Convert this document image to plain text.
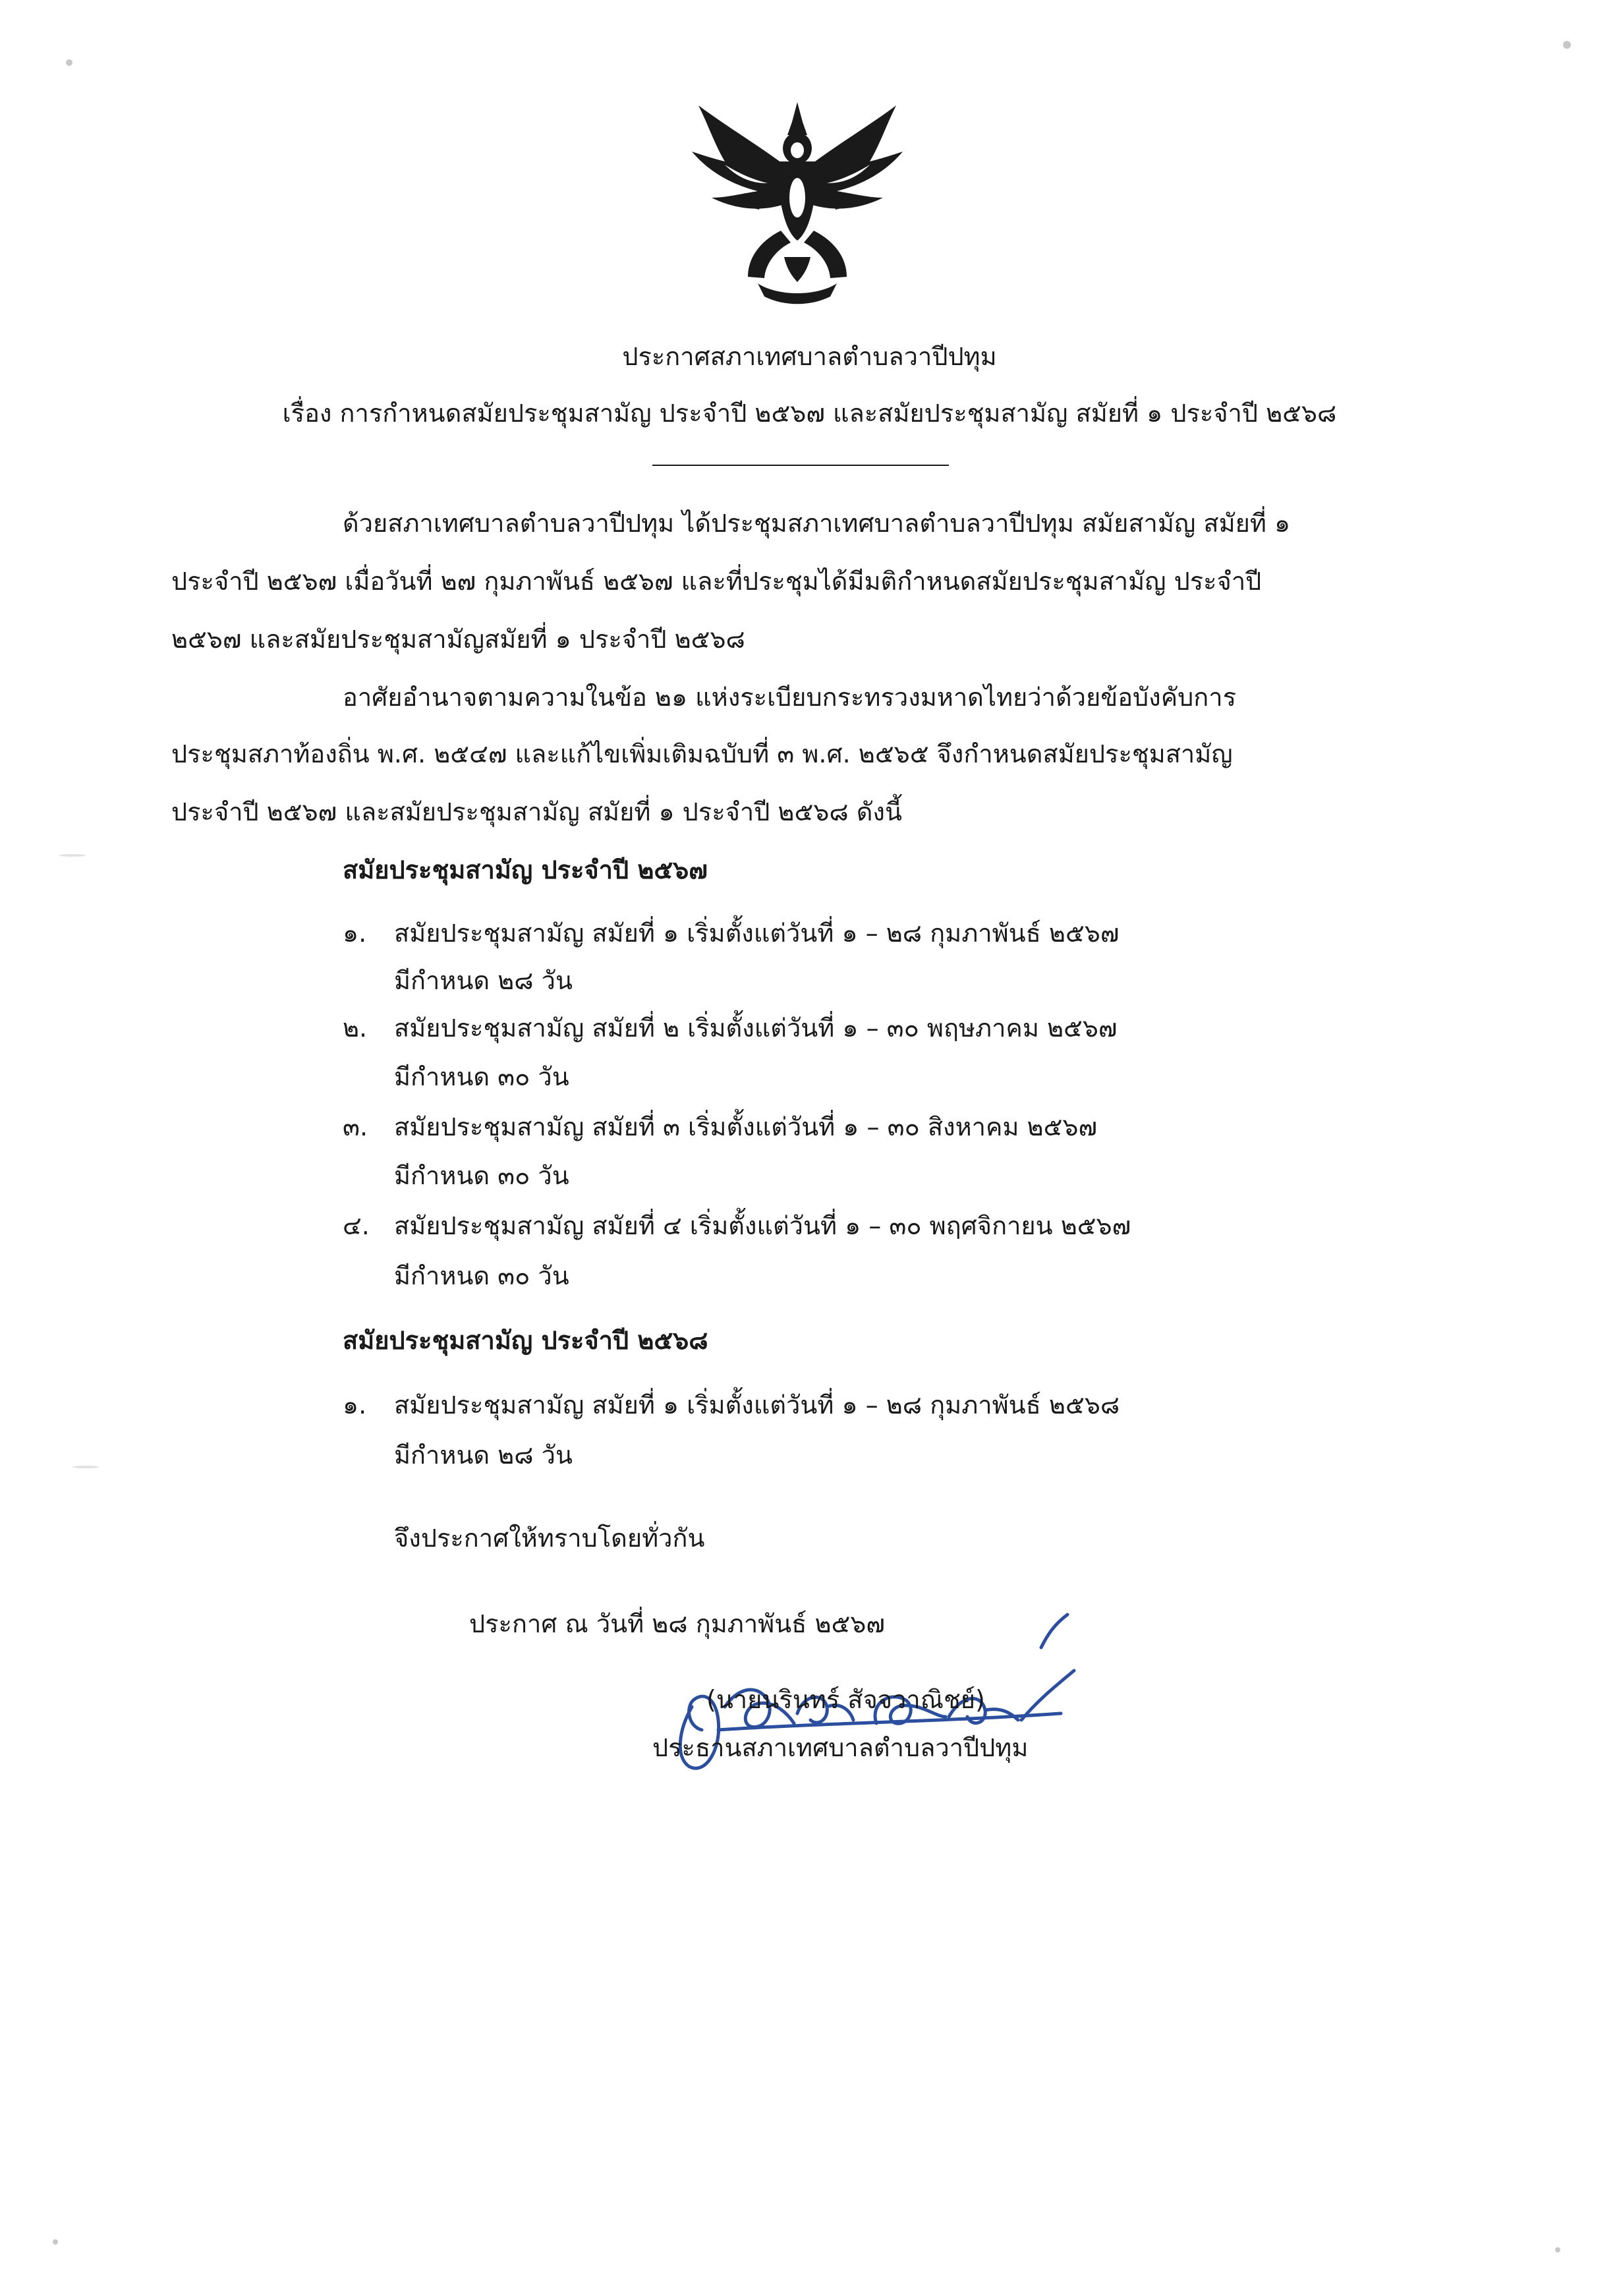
ประกาศสภาเทศบาลตำบลวาปีปทุม
เรื่อง การกำหนดสมัยประชุมสามัญ ประจำปี ๒๕๖๗ และสมัยประชุมสามัญ สมัยที่ ๑ ประจำปี ๒๕๖๘
ด้วยสภาเทศบาลตำบลวาปีปทุม ได้ประชุมสภาเทศบาลตำบลวาปีปทุม สมัยสามัญ สมัยที่ ๑
ประจำปี ๒๕๖๗ เมื่อวันที่ ๒๗ กุมภาพันธ์ ๒๕๖๗ และที่ประชุมได้มีมติกำหนดสมัยประชุมสามัญ ประจำปี
๒๕๖๗ และสมัยประชุมสามัญสมัยที่ ๑ ประจำปี ๒๕๖๘
อาศัยอำนาจตามความในข้อ ๒๑ แห่งระเบียบกระทรวงมหาดไทยว่าด้วยข้อบังคับการ
ประชุมสภาท้องถิ่น พ.ศ. ๒๕๔๗ และแก้ไขเพิ่มเติมฉบับที่ ๓ พ.ศ. ๒๕๖๕ จึงกำหนดสมัยประชุมสามัญ
ประจำปี ๒๕๖๗ และสมัยประชุมสามัญ สมัยที่ ๑ ประจำปี ๒๕๖๘ ดังนี้
สมัยประชุมสามัญ ประจำปี ๒๕๖๗
๑. สมัยประชุมสามัญ สมัยที่ ๑ เริ่มตั้งแต่วันที่ ๑ – ๒๘ กุมภาพันธ์ ๒๕๖๗
มีกำหนด ๒๘ วัน
๒. สมัยประชุมสามัญ สมัยที่ ๒ เริ่มตั้งแต่วันที่ ๑ – ๓๐ พฤษภาคม ๒๕๖๗
มีกำหนด ๓๐ วัน
๓. สมัยประชุมสามัญ สมัยที่ ๓ เริ่มตั้งแต่วันที่ ๑ – ๓๐ สิงหาคม ๒๕๖๗
มีกำหนด ๓๐ วัน
๔. สมัยประชุมสามัญ สมัยที่ ๔ เริ่มตั้งแต่วันที่ ๑ – ๓๐ พฤศจิกายน ๒๕๖๗
มีกำหนด ๓๐ วัน
สมัยประชุมสามัญ ประจำปี ๒๕๖๘
๑. สมัยประชุมสามัญ สมัยที่ ๑ เริ่มตั้งแต่วันที่ ๑ – ๒๘ กุมภาพันธ์ ๒๕๖๘
มีกำหนด ๒๘ วัน
จึงประกาศให้ทราบโดยทั่วกัน
ประกาศ ณ วันที่ ๒๘ กุมภาพันธ์ ๒๕๖๗
(นายนรินทร์ สัจจวาณิชย์)
ประธานสภาเทศบาลตำบลวาปีปทุม
